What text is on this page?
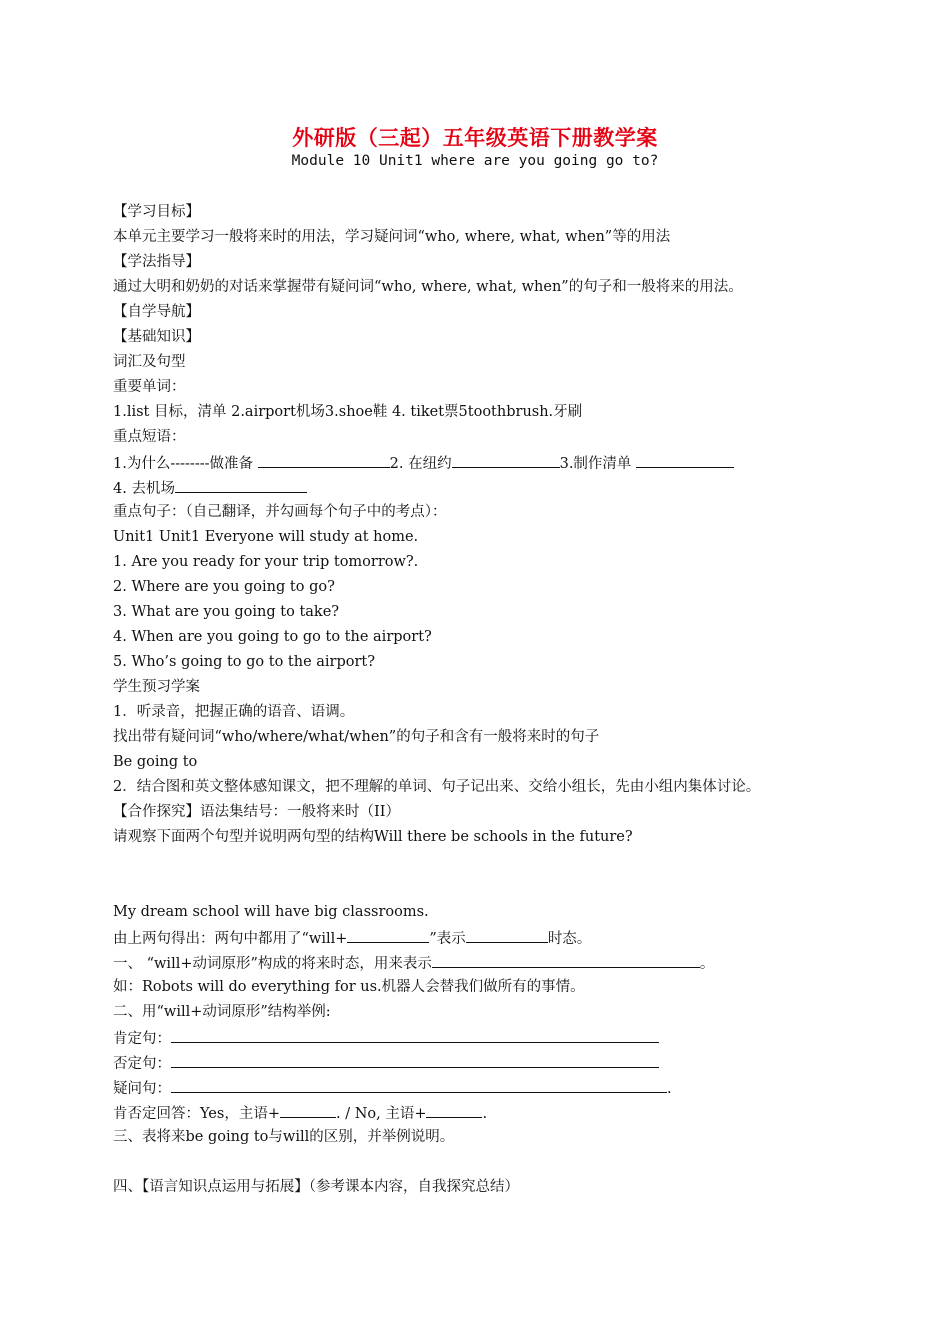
外研版（三起）五年级英语下册教学案
Module 10 Unit1 where are you going go to?
【学习目标】
本单元主要学习一般将来时的用法，学习疑问词“who, where, what, when”等的用法
【学法指导】
通过大明和奶奶的对话来掌握带有疑问词“who, where, what, when”的句子和一般将来的用法。
【自学导航】
【基础知识】
词汇及句型
重要单词：
1.list 目标，清单 2.airport机场3.shoe鞋 4. tiket票5toothbrush.牙刷
重点短语：
1.为什么--------做准备	2. 在纽约	3.制作清单
4. 去机场
重点句子：（自己翻译，并勾画每个句子中的考点）：
Unit1 Unit1 Everyone will study at home.
1. Are you ready for your trip tomorrow?.
2. Where are you going to go?
3. What are you going to take?
4. When are you going to go to the airport?
5. Who’s going to go to the airport?
学生预习学案
1．听录音，把握正确的语音、语调。
找出带有疑问词“who/where/what/when”的句子和含有一般将来时的句子
Be going to
2．结合图和英文整体感知课文，把不理解的单词、句子记出来、交给小组长，先由小组内集体讨论。
【合作探究】语法集结号：一般将来时（II）
请观察下面两个句型并说明两句型的结构Will there be schools in the future?
My dream school will have big classrooms.
由上两句得出：两句中都用了“will+	”表示	时态。
一、 “will+动词原形”构成的将来时态，用来表示	。
如：Robots will do everything for us.机器人会替我们做所有的事情。
二、用“will+动词原形”结构举例:
肯定句：
否定句：
疑问句：	.
肯否定回答：Yes，主语+	. / No, 主语+	.
三、表将来be going to与will的区别，并举例说明。
四、【语言知识点运用与拓展】（参考课本内容，自我探究总结）
